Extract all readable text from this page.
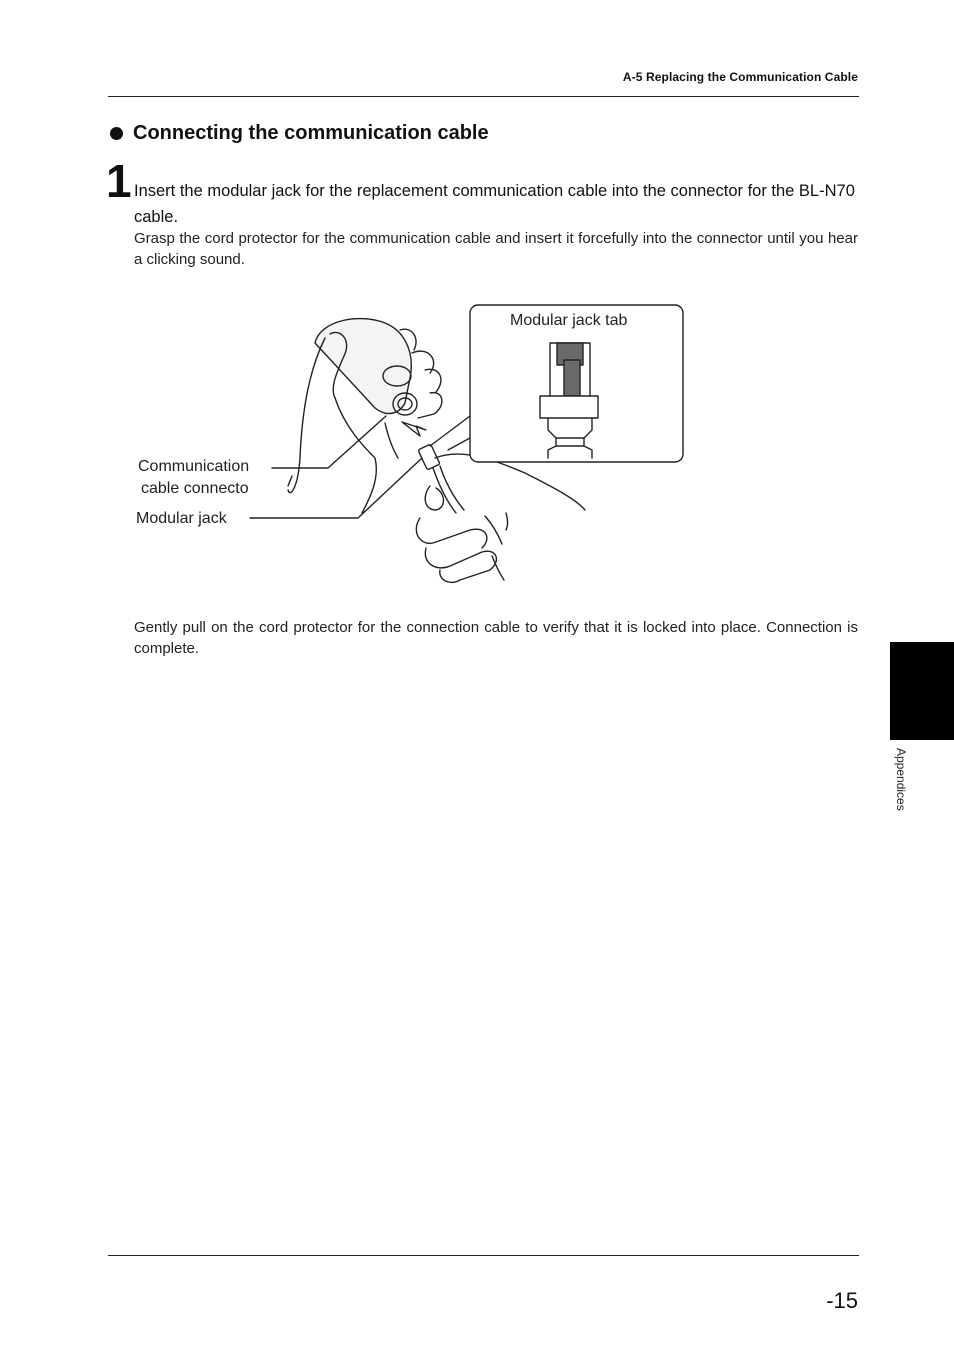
A-5 Replacing the Communication Cable
Connecting the communication cable
1 Insert the modular jack for the replacement communication cable into the connector for the BL-N70 cable.
Grasp the cord protector for the communication cable and insert it forcefully into the connector until you hear a clicking sound.
Modular jack tab
Communication
cable connecto
Modular jack
Gently pull on the cord protector for the connection cable to verify that it is locked into place. Connection is complete.
Appendices
-15
